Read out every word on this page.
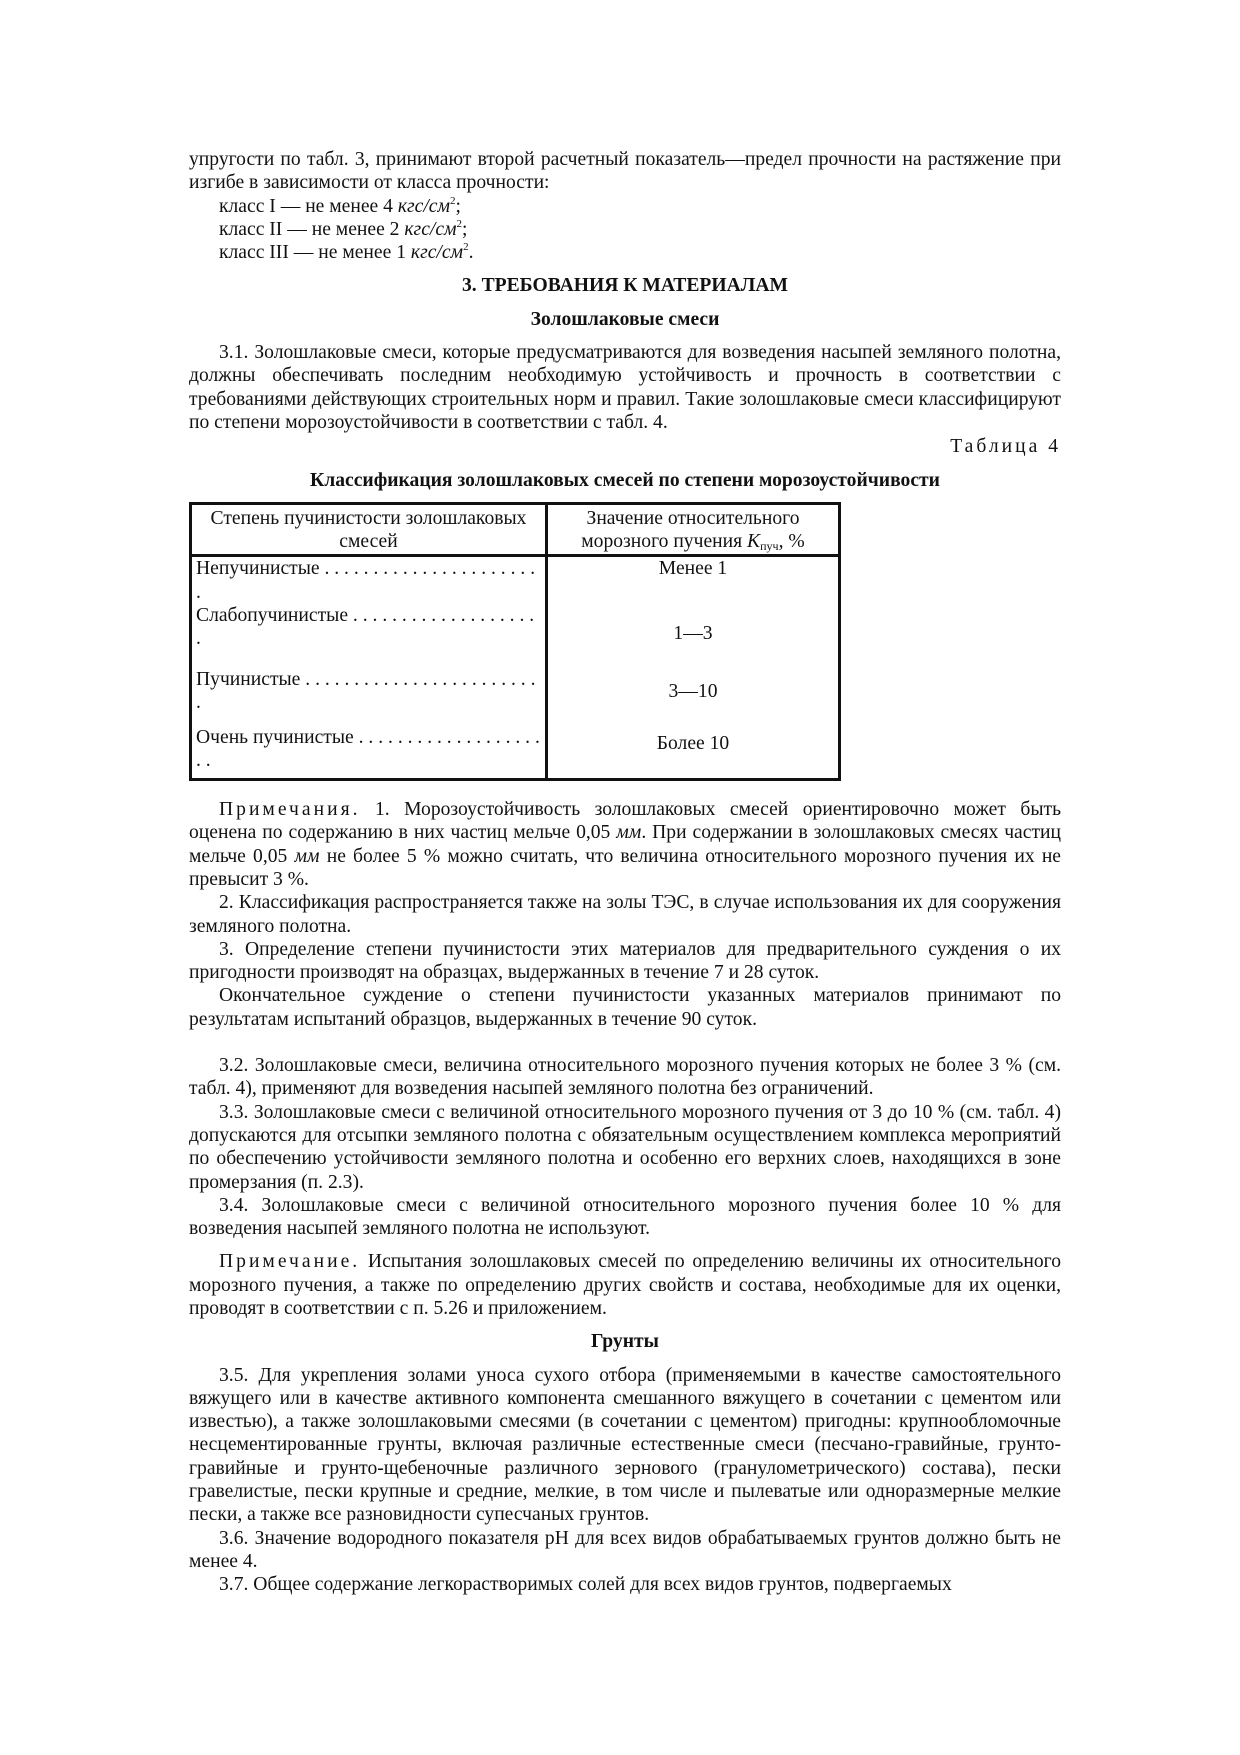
упругости по табл. 3, принимают второй расчетный показатель—предел прочности на растяжение при изгибе в зависимости от класса прочности:

класс I — не менее 4 кгс/$см^2$;

класс II — не менее 2 кгс/$см^2$;

класс III — не менее 1 кгс/$см^2$.

3. ТРЕБОВАНИЯ К МАТЕРИАЛАМ

Золошлаковые смеси

3.1. Золошлаковые смеси, которые предусматриваются для возведения насыпей земляного полотна, должны обеспечивать последним необходимую устойчивость и прочность в соответствии с требованиями действующих строительных норм и правил. Такие золошлаковые смеси классифицируют по степени морозоустойчивости в соответствии с табл. 4.

Таблица 4

Классификация золошлаковых смесей по степени морозоустойчивости

Степень пучинистости золошлаковых смесей	Значение относительного морозного пучения $K_{пуч}$, %
Непучинистые . . . . . . . . . . . . . . . . . . . . . . .	Менее 1
Слабопучинистые . . . . . . . . . . . . . . . . . . . .	1—3
Пучинистые . . . . . . . . . . . . . . . . . . . . . . . . .	3—10
Очень пучинистые . . . . . . . . . . . . . . . . . . . . .	Более 10

Примечания. 1. Морозоустойчивость золошлаковых смесей ориентировочно может быть оценена по содержанию в них частиц мельче 0,05 мм. При содержании в золошлаковых смесях частиц мельче 0,05 мм не более 5 % можно считать, что величина относительного морозного пучения их не превысит 3 %.

2. Классификация распространяется также на золы ТЭС, в случае использования их для сооружения земляного полотна.

3. Определение степени пучинистости этих материалов для предварительного суждения о их пригодности производят на образцах, выдержанных в течение 7 и 28 суток.

Окончательное суждение о степени пучинистости указанных материалов принимают по результатам испытаний образцов, выдержанных в течение 90 суток.

3.2. Золошлаковые смеси, величина относительного морозного пучения которых не более 3 % (см. табл. 4), применяют для возведения насыпей земляного полотна без ограничений.

3.3. Золошлаковые смеси с величиной относительного морозного пучения от 3 до 10 % (см. табл. 4) допускаются для отсыпки земляного полотна с обязательным осуществлением комплекса мероприятий по обеспечению устойчивости земляного полотна и особенно его верхних слоев, находящихся в зоне промерзания (п. 2.3).

3.4. Золошлаковые смеси с величиной относительного морозного пучения более 10 % для возведения насыпей земляного полотна не используют.

Примечание. Испытания золошлаковых смесей по определению величины их относительного морозного пучения, а также по определению других свойств и состава, необходимые для их оценки, проводят в соответствии с п. 5.26 и приложением.

Грунты

3.5. Для укрепления золами уноса сухого отбора (применяемыми в качестве самостоятельного вяжущего или в качестве активного компонента смешанного вяжущего в сочетании с цементом или известью), а также золошлаковыми смесями (в сочетании с цементом) пригодны: крупнообломочные несцементированные грунты, включая различные естественные смеси (песчано-гравийные, грунто-гравийные и грунто-щебеночные различного зернового (гранулометрического) состава), пески гравелистые, пески крупные и средние, мелкие, в том числе и пылеватые или одноразмерные мелкие пески, а также все разновидности супесчаных грунтов.

3.6. Значение водородного показателя pH для всех видов обрабатываемых грунтов должно быть не менее 4.

3.7. Общее содержание легкорастворимых солей для всех видов грунтов, подвергаемых
